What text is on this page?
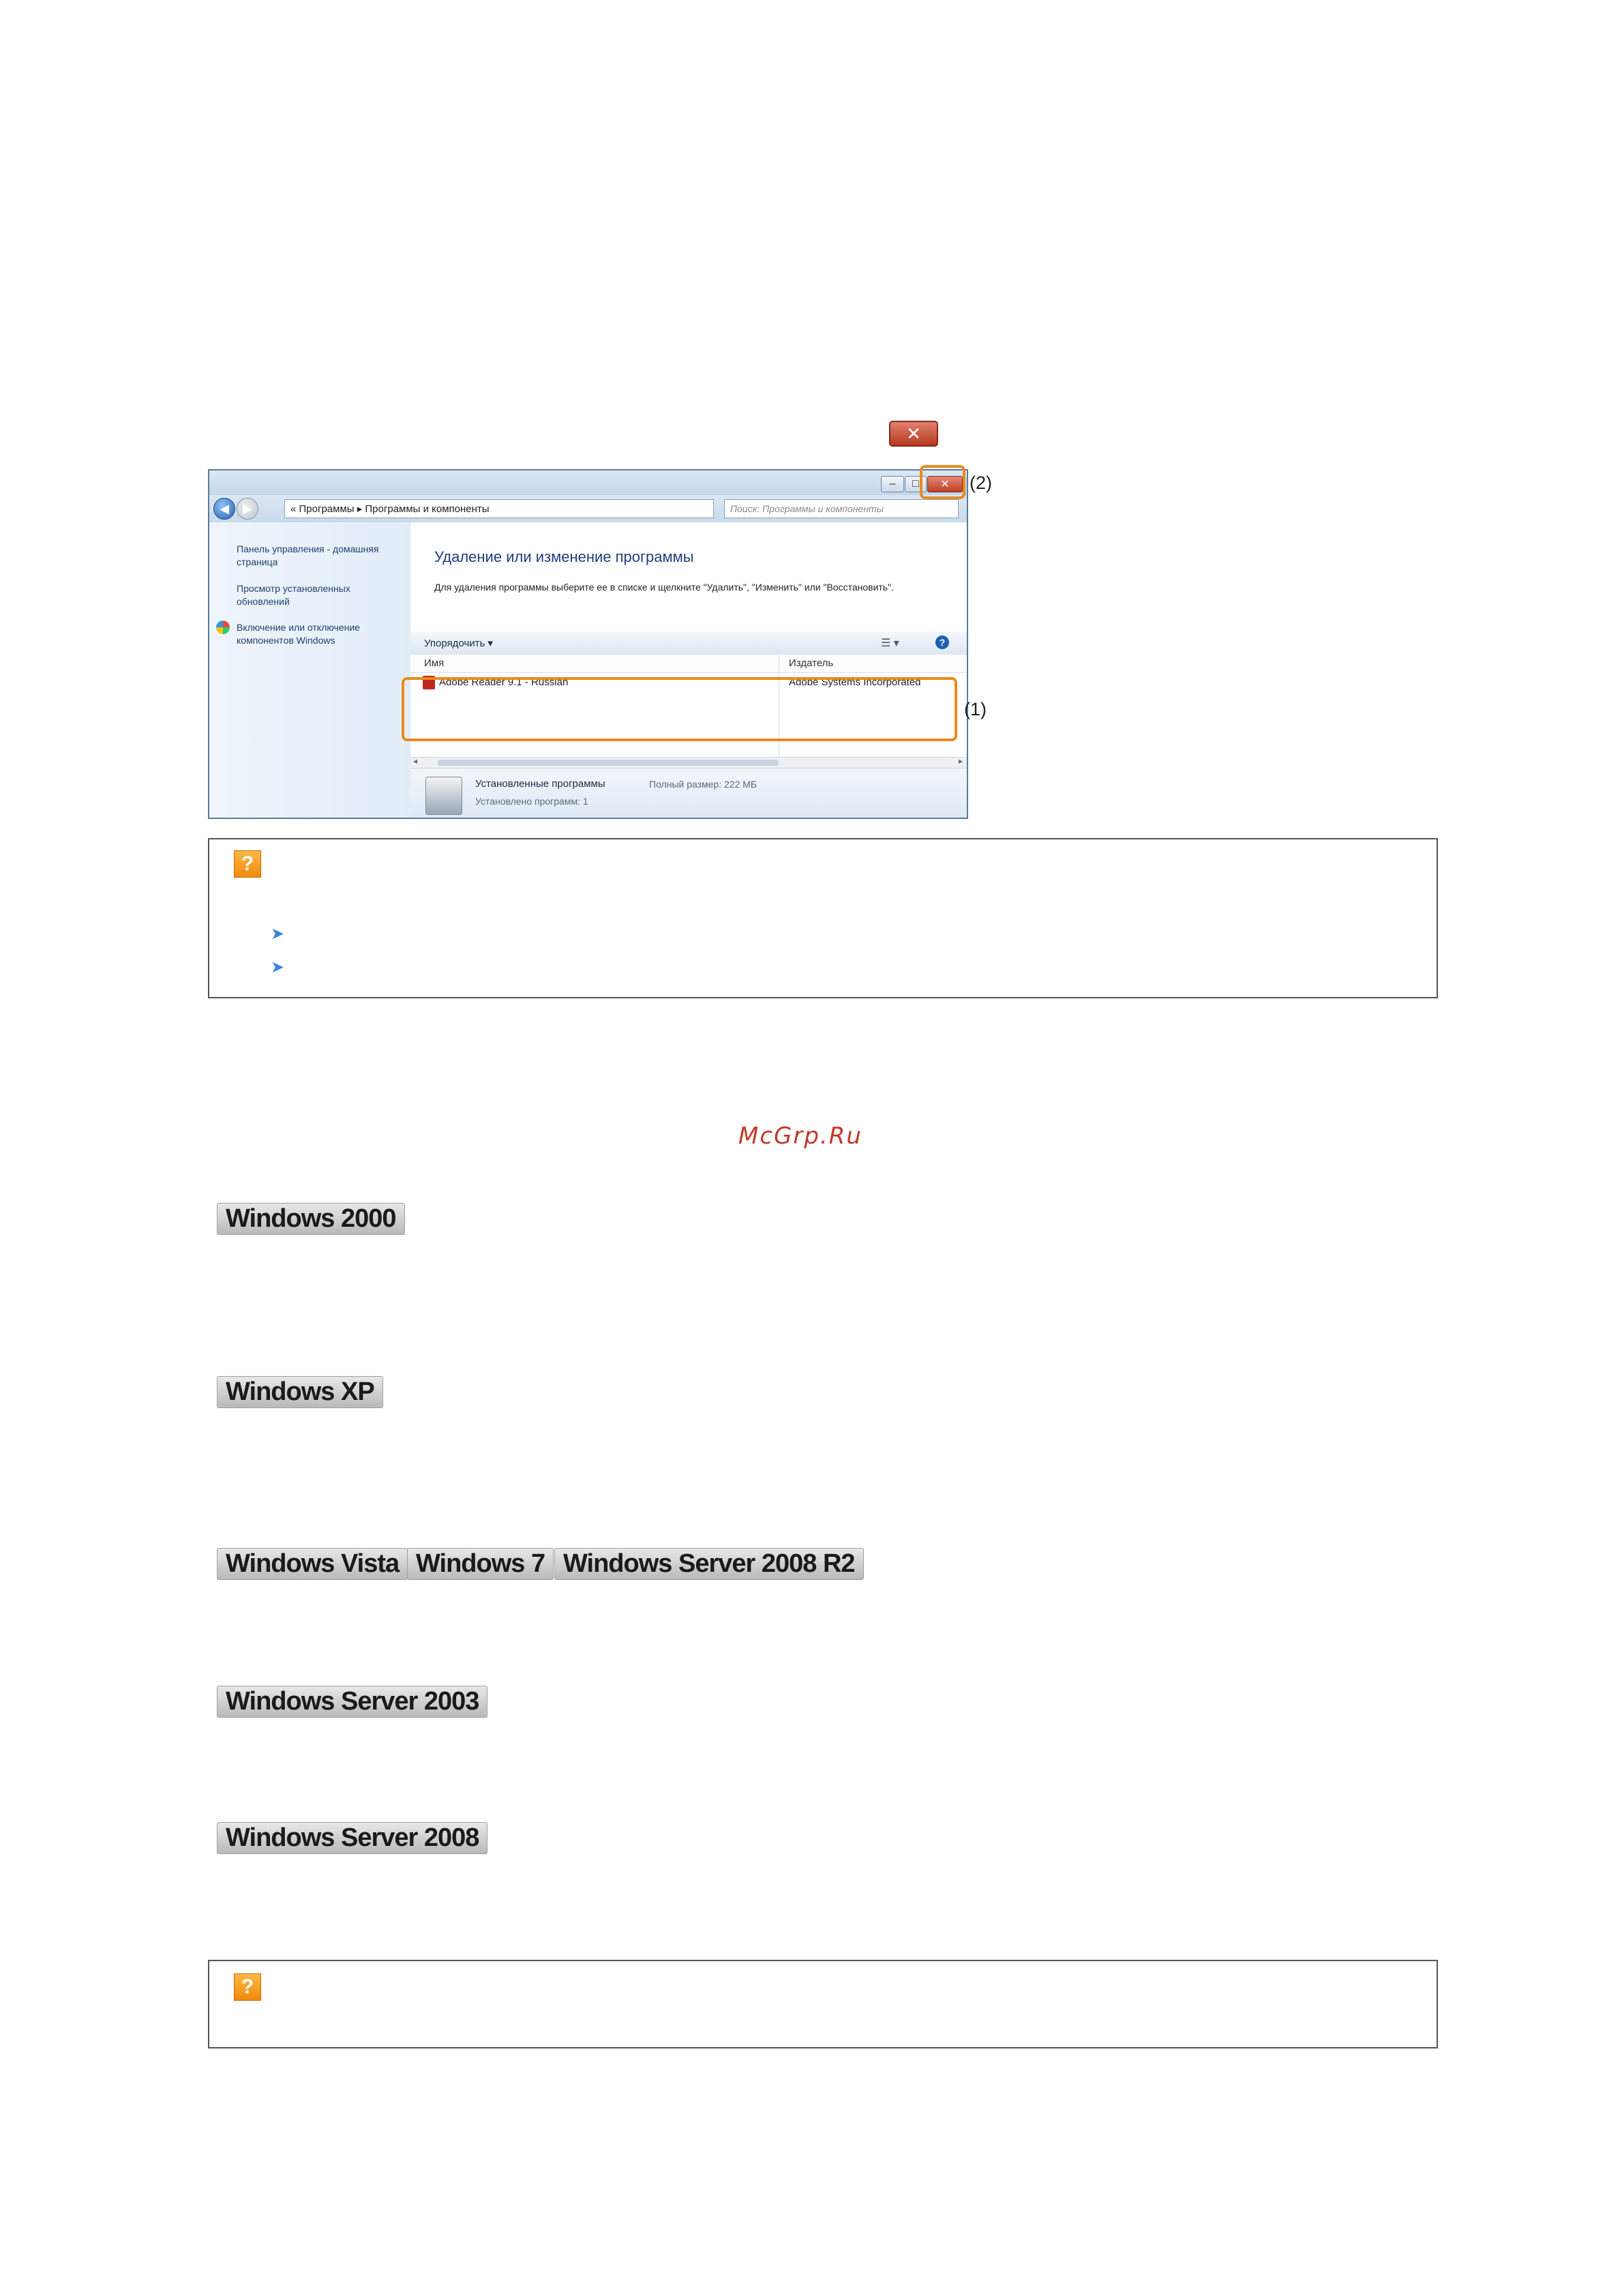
✕
–	□	✕
◀	▶	« Программы ▸ Программы и компоненты	Поиск: Программы и компоненты
Панель управления - домашняя страница
Просмотр установленных обновлений
Включение или отключение компонентов Windows
Удаление или изменение программы
Для удаления программы выберите ее в списке и щелкните "Удалить", "Изменить" или "Восстановить".
Упорядочить ▾	☰ ▾	?
Имя	Издатель
Adobe Reader 9.1 - Russian	Adobe Systems Incorporated
◂	▸
Установленные программы	Полный размер: 222 МБ
Установлено программ: 1
(2)
(1)
?
➤
➤
McGrp.Ru
Windows 2000
Windows XP
Windows Vista Windows 7 Windows Server 2008 R2
Windows Server 2003
Windows Server 2008
?
